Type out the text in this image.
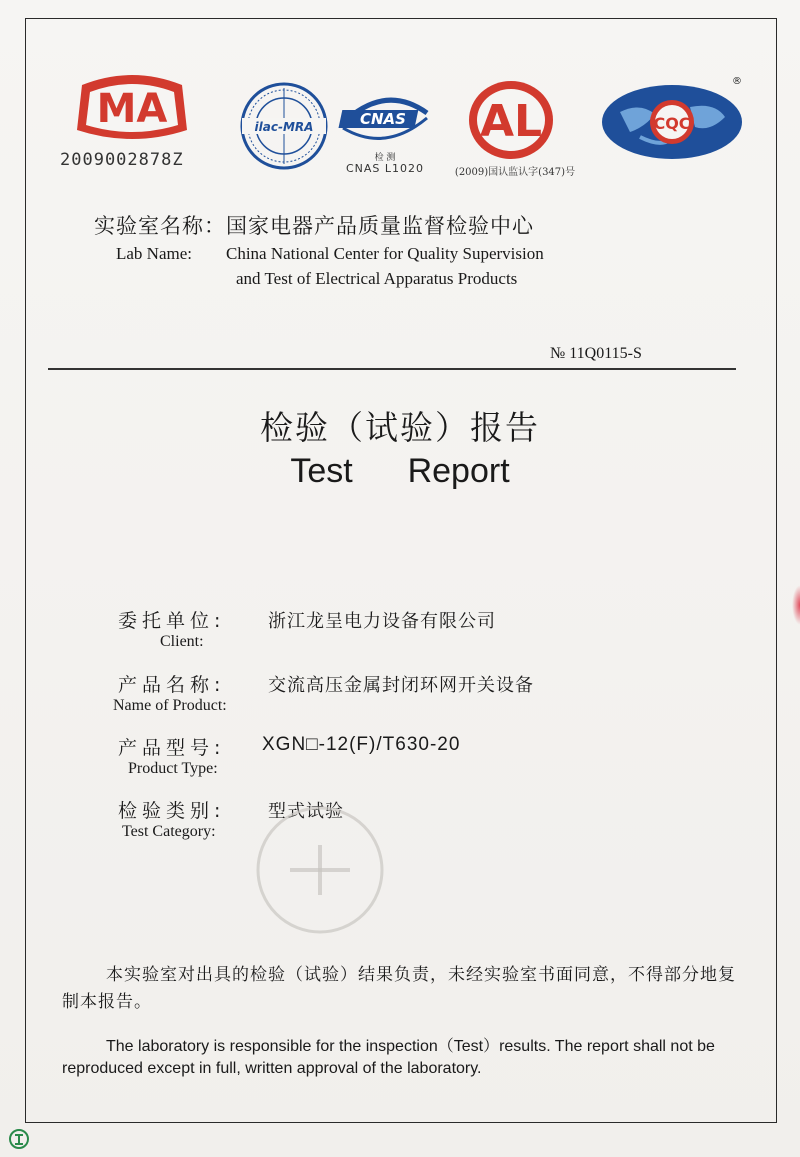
MA
2009002878Z
ilac-MRA	CNAS
检 测
CNAS L1020
AL
(2009)国认监认字(347)号
CQC
®
实验室名称：国家电器产品质量监督检验中心
Lab Name: China National Center for Quality Supervision
and Test of Electrical Apparatus Products
№ 11Q0115-S
检验（试验）报告
Test  Report
委托单位: 浙江龙呈电力设备有限公司
Client:
产品名称: 交流高压金属封闭环网开关设备
Name of Product:
产品型号: XGN□-12(F)/T630-20
Product Type:
检验类别: 型式试验
Test Category:
本实验室对出具的检验（试验）结果负责，未经实验室书面同意，不得部分地复制本报告。
The laboratory is responsible for the inspection（Test）results. The report shall not be reproduced except in full, written approval of the laboratory.
